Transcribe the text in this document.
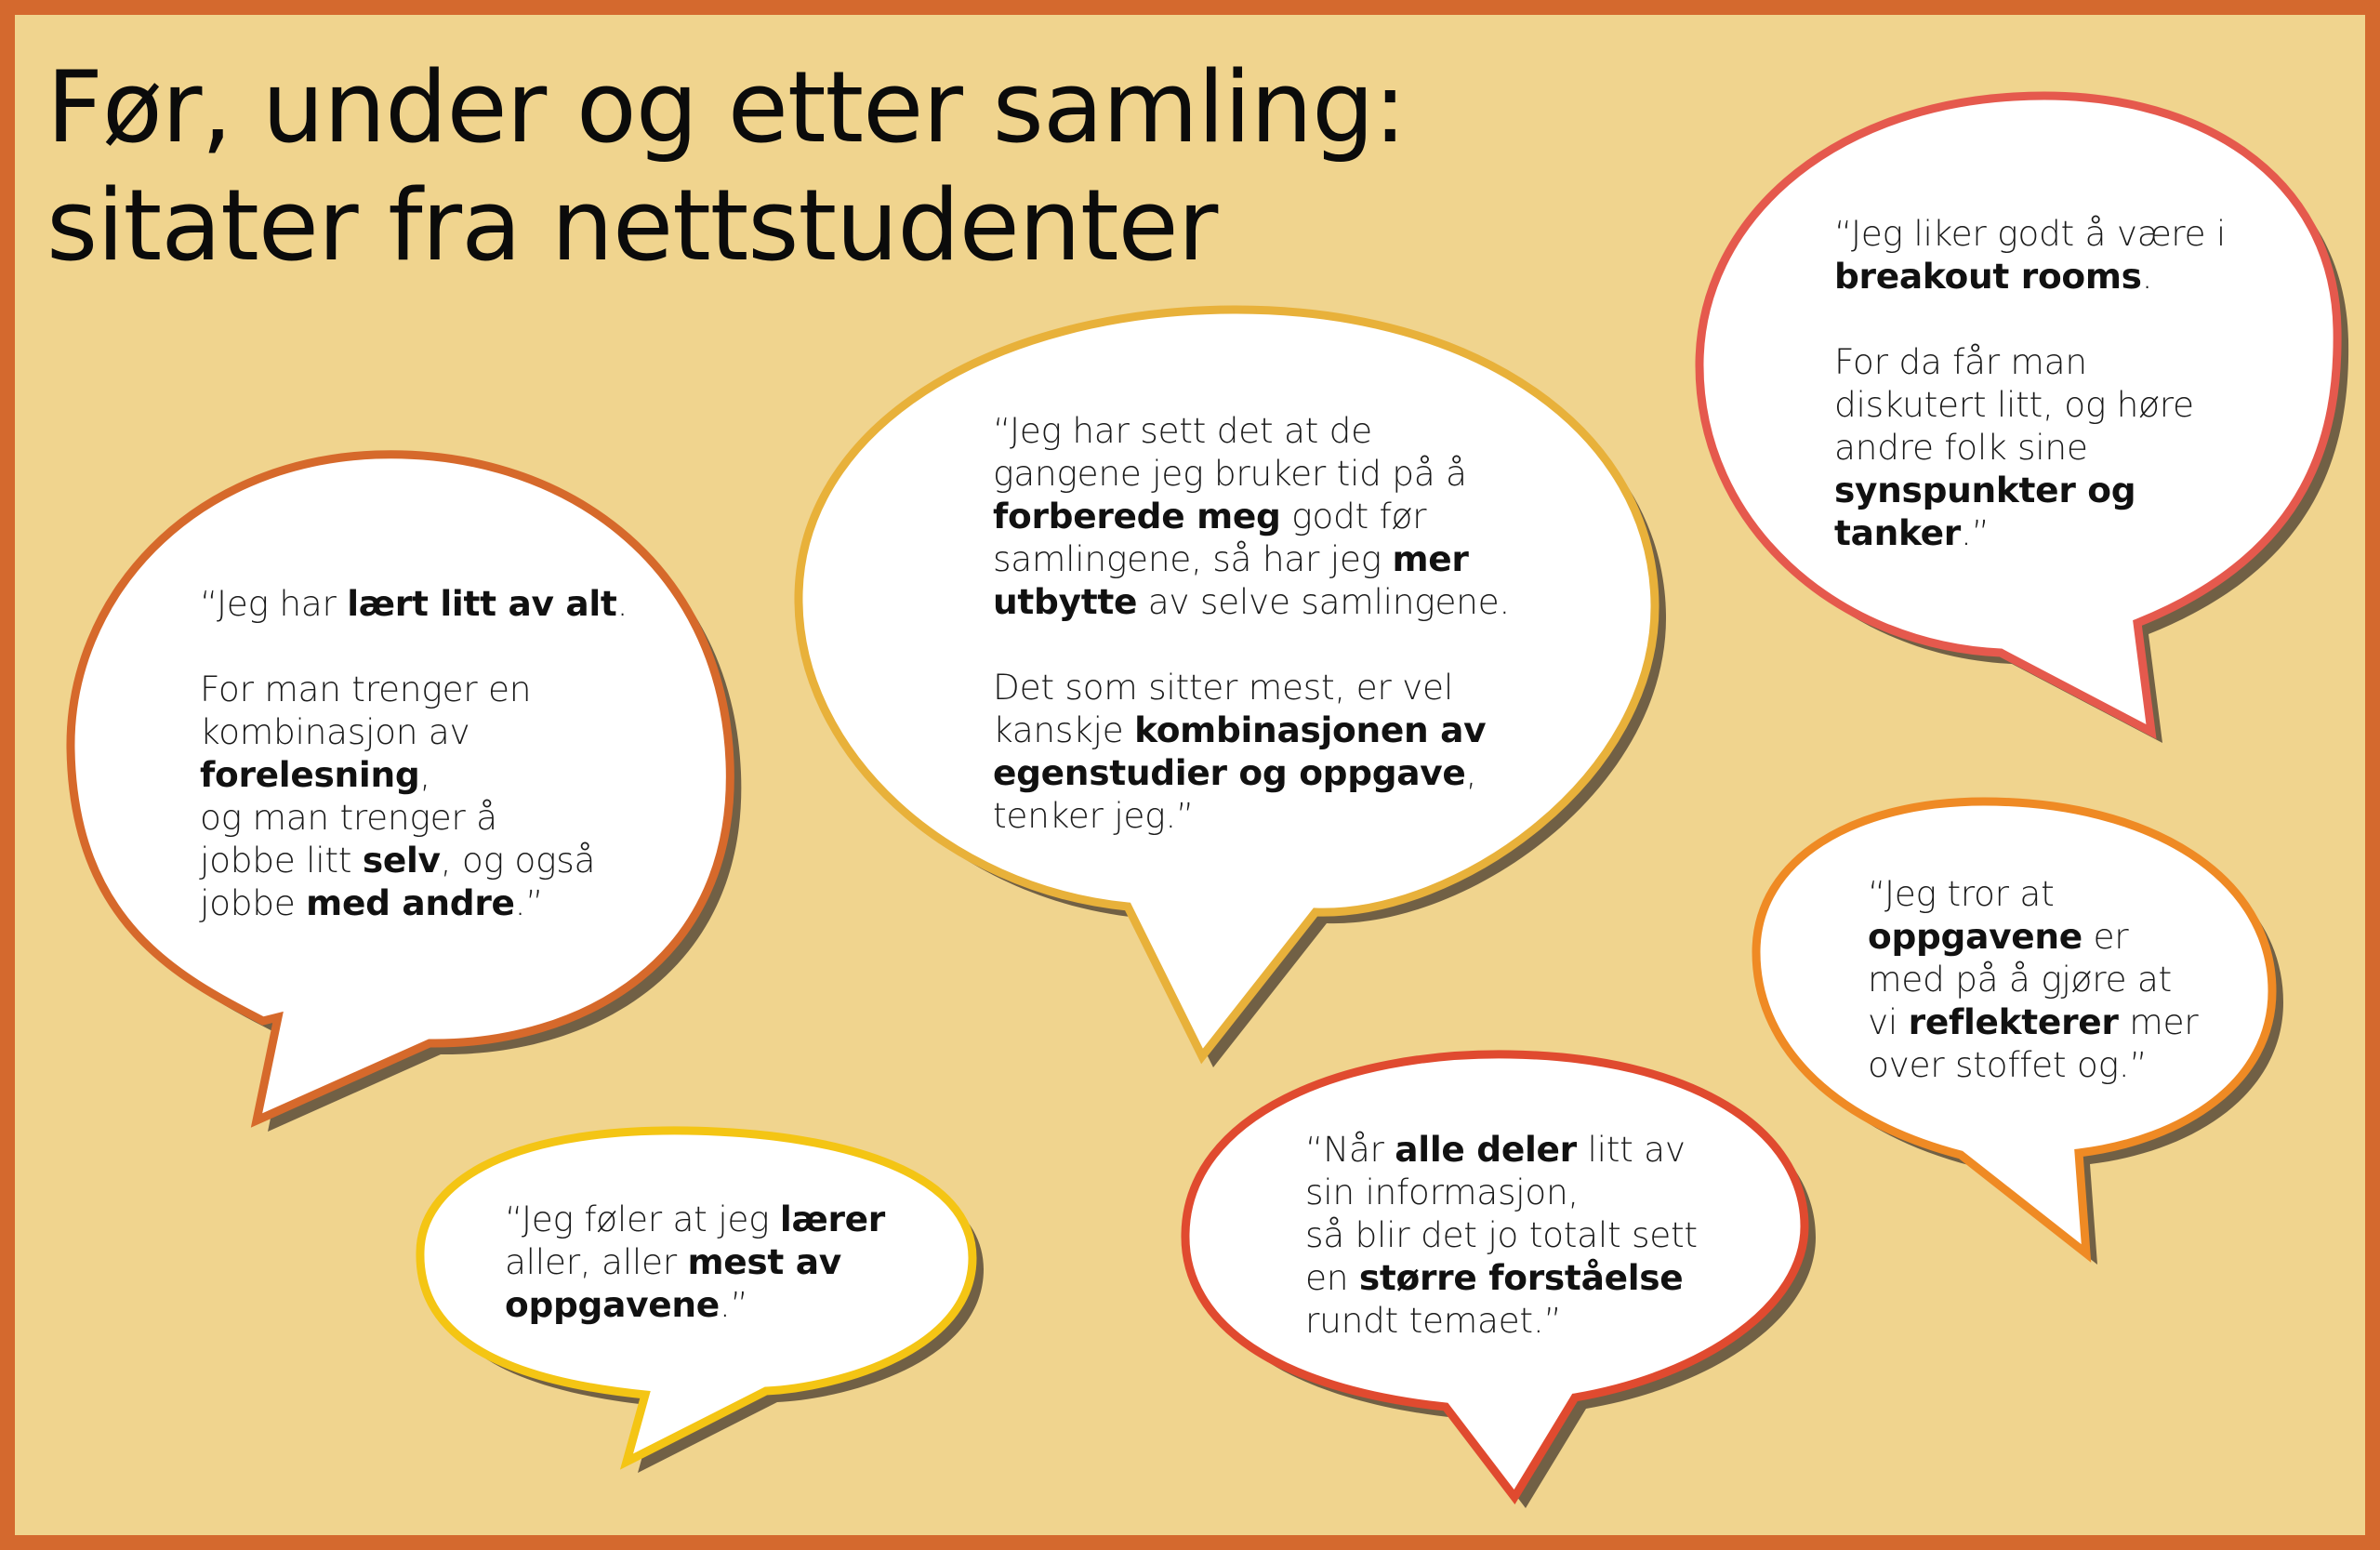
Før, under og etter samling:
sitater fra nettstudenter

“Jeg har lært litt av alt.

For man trenger en
kombinasjon av
forelesning,
og man trenger å
jobbe litt selv, og også
jobbe med andre.”

“Jeg har sett det at de
gangene jeg bruker tid på å
forberede meg godt før
samlingene, så har jeg mer
utbytte av selve samlingene.

Det som sitter mest, er vel
kanskje kombinasjonen av
egenstudier og oppgave,
tenker jeg.”

“Jeg liker godt å være i
breakout rooms.

For da får man
diskutert litt, og høre
andre folk sine
synspunkter og
tanker.”

“Jeg føler at jeg lærer
aller, aller mest av
oppgavene.”

“Når alle deler litt av
sin informasjon,
så blir det jo totalt sett
en større forståelse
rundt temaet.”

“Jeg tror at
oppgavene er
med på å gjøre at
vi reflekterer mer
over stoffet og.”
